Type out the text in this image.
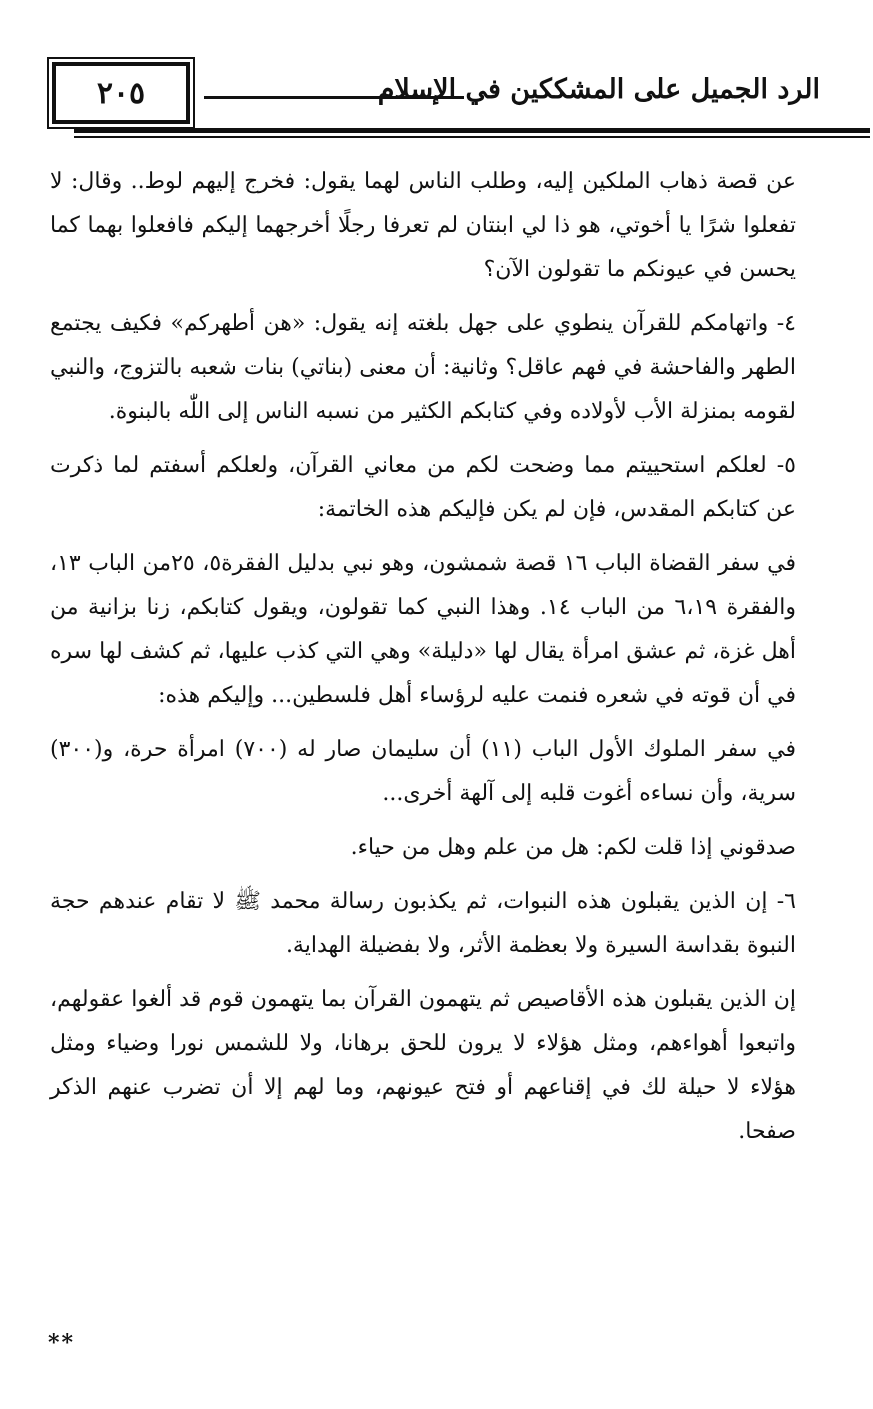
٢٠٥	الرد الجميل على المشككين في الإسلام

عن قصة ذهاب الملكين إليه، وطلب الناس لهما يقول: فخرج إليهم لوط.. وقال: لا تفعلوا شرًا يا أخوتي، هو ذا لي ابنتان لم تعرفا رجلًا أخرجهما إليكم فافعلوا بهما كما يحسن في عيونكم ما تقولون الآن؟

٤- واتهامكم للقرآن ينطوي على جهل بلغته إنه يقول: «هن أطهركم» فكيف يجتمع الطهر والفاحشة في فهم عاقل؟ وثانية: أن معنى (بناتي) بنات شعبه بالتزوج، والنبي لقومه بمنزلة الأب لأولاده وفي كتابكم الكثير من نسبه الناس إلى اللّٰه بالبنوة.

٥- لعلكم استحييتم مما وضحت لكم من معاني القرآن، ولعلكم أسفتم لما ذكرت عن كتابكم المقدس، فإن لم يكن فإليكم هذه الخاتمة:

في سفر القضاة الباب ١٦ قصة شمشون، وهو نبي بدليل الفقرة٥، ٢٥من الباب ١٣، والفقرة ٦،١٩ من الباب ١٤. وهذا النبي كما تقولون، ويقول كتابكم، زنا بزانية من أهل غزة، ثم عشق امرأة يقال لها «دليلة» وهي التي كذب عليها، ثم كشف لها سره في أن قوته في شعره فنمت عليه لرؤساء أهل فلسطين... وإليكم هذه:

في سفر الملوك الأول الباب (١١) أن سليمان صار له (٧٠٠) امرأة حرة، و(٣٠٠) سرية، وأن نساءه أغوت قلبه إلى آلهة أخرى...

صدقوني إذا قلت لكم: هل من علم وهل من حياء.

٦- إن الذين يقبلون هذه النبوات، ثم يكذبون رسالة محمد ﷺ لا تقام عندهم حجة النبوة بقداسة السيرة ولا بعظمة الأثر، ولا بفضيلة الهداية.

إن الذين يقبلون هذه الأقاصيص ثم يتهمون القرآن بما يتهمون قوم قد ألغوا عقولهم، واتبعوا أهواءهم، ومثل هؤلاء لا يرون للحق برهانا، ولا للشمس نورا وضياء ومثل هؤلاء لا حيلة لك في إقناعهم أو فتح عيونهم، وما لهم إلا أن تضرب عنهم الذكر صفحا.

**
